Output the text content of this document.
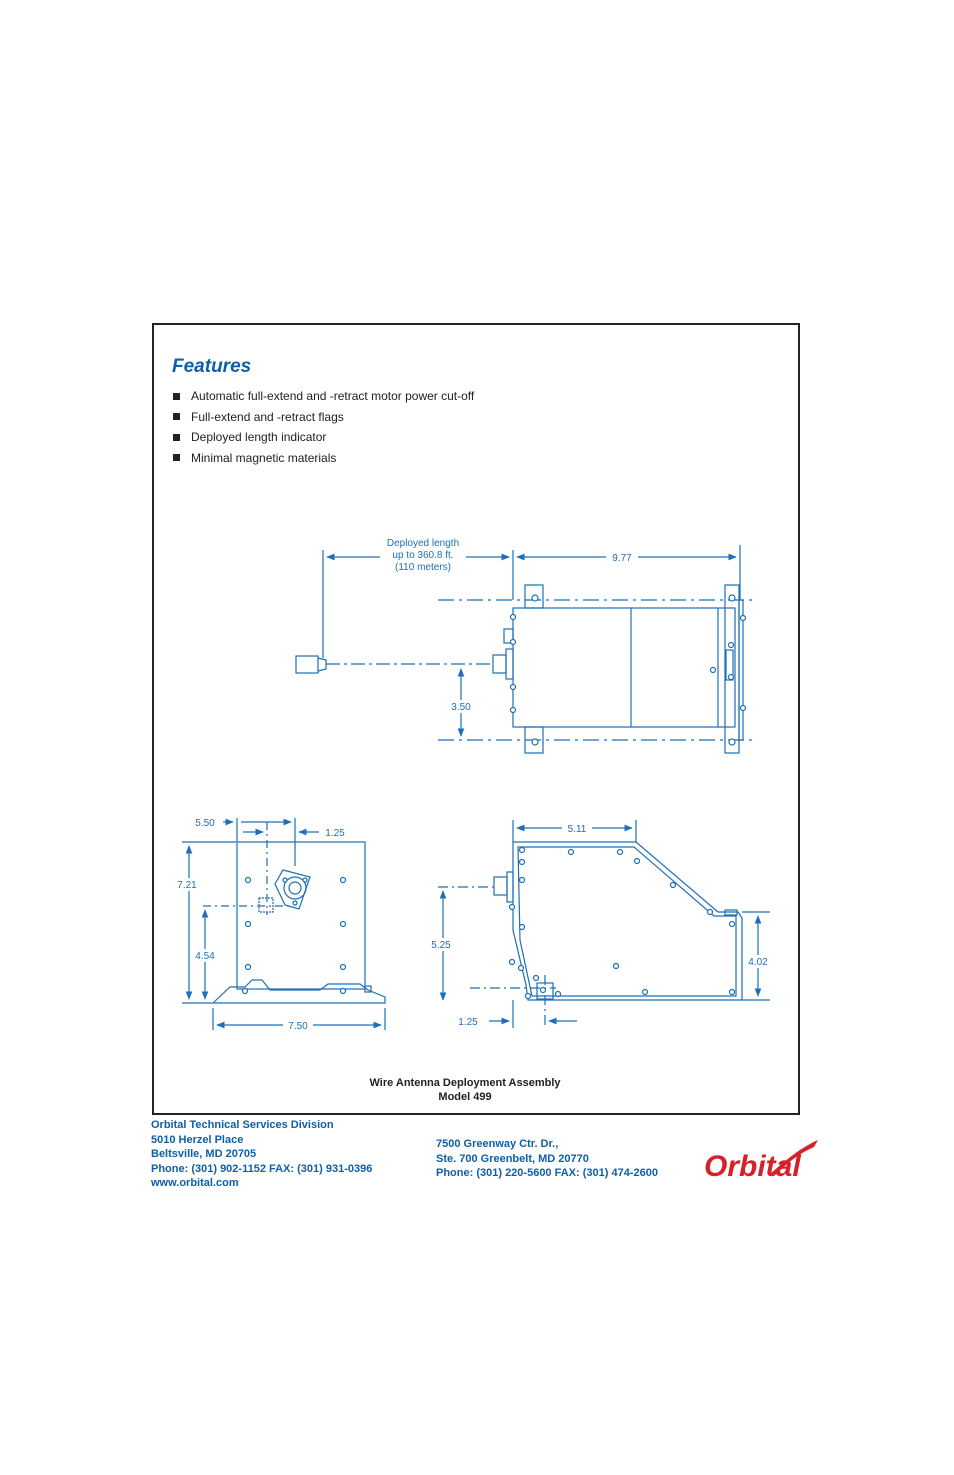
Features
Automatic full-extend and -retract motor power cut-off
Full-extend and -retract flags
Deployed length indicator
Minimal magnetic materials
Deployed length
up to 360.8 ft.
(110 meters)
9.77
3.50
5.50
1.25
7.21
4.54
7.50
5.11
5.25
4.02
1.25
Wire Antenna Deployment Assembly
Model 499
Orbital Technical Services Division
5010 Herzel Place
Beltsville, MD 20705
Phone: (301) 902-1152 FAX: (301) 931-0396
www.orbital.com
7500 Greenway Ctr. Dr.,
Ste. 700 Greenbelt, MD 20770
Phone: (301) 220-5600 FAX: (301) 474-2600 Orbital
